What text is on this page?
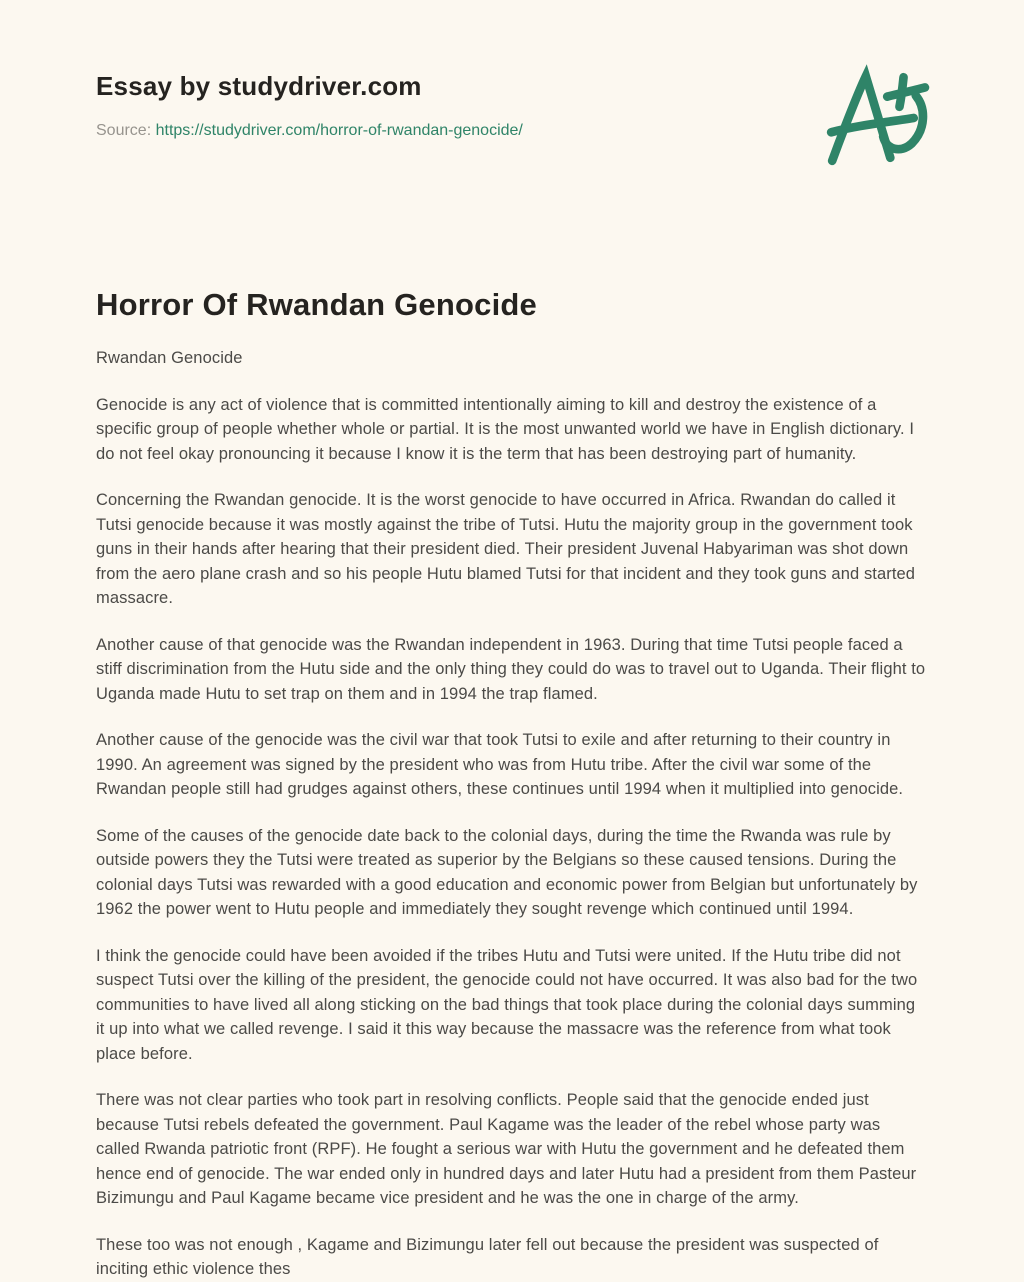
Essay by studydriver.com

Source: https://studydriver.com/horror-of-rwandan-genocide/

Horror Of Rwandan Genocide

Rwandan Genocide

Genocide is any act of violence that is committed intentionally aiming to kill and destroy the existence of a specific group of people whether whole or partial. It is the most unwanted world we have in English dictionary. I do not feel okay pronouncing it because I know it is the term that has been destroying part of humanity.

Concerning the Rwandan genocide. It is the worst genocide to have occurred in Africa. Rwandan do called it Tutsi genocide because it was mostly against the tribe of Tutsi. Hutu the majority group in the government took guns in their hands after hearing that their president died. Their president Juvenal Habyariman was shot down from the aero plane crash and so his people Hutu blamed Tutsi for that incident and they took guns and started massacre.

Another cause of that genocide was the Rwandan independent in 1963. During that time Tutsi people faced a stiff discrimination from the Hutu side and the only thing they could do was to travel out to Uganda. Their flight to Uganda made Hutu to set trap on them and in 1994 the trap flamed.

Another cause of the genocide was the civil war that took Tutsi to exile and after returning to their country in 1990. An agreement was signed by the president who was from Hutu tribe. After the civil war some of the Rwandan people still had grudges against others, these continues until 1994 when it multiplied into genocide.

Some of the causes of the genocide date back to the colonial days, during the time the Rwanda was rule by outside powers they the Tutsi were treated as superior by the Belgians so these caused tensions. During the colonial days Tutsi was rewarded with a good education and economic power from Belgian but unfortunately by 1962 the power went to Hutu people and immediately they sought revenge which continued until 1994.

I think the genocide could have been avoided if the tribes Hutu and Tutsi were united. If the Hutu tribe did not suspect Tutsi over the killing of the president, the genocide could not have occurred. It was also bad for the two communities to have lived all along sticking on the bad things that took place during the colonial days summing it up into what we called revenge. I said it this way because the massacre was the reference from what took place before.

There was not clear parties who took part in resolving conflicts. People said that the genocide ended just because Tutsi rebels defeated the government. Paul Kagame was the leader of the rebel whose party was called Rwanda patriotic front (RPF). He fought a serious war with Hutu the government and he defeated them hence end of genocide. The war ended only in hundred days and later Hutu had a president from them Pasteur Bizimungu and Paul Kagame became vice president and he was the one in charge of the army.

These too was not enough , Kagame and Bizimungu later fell out because the president was suspected of inciting ethic violence thes
